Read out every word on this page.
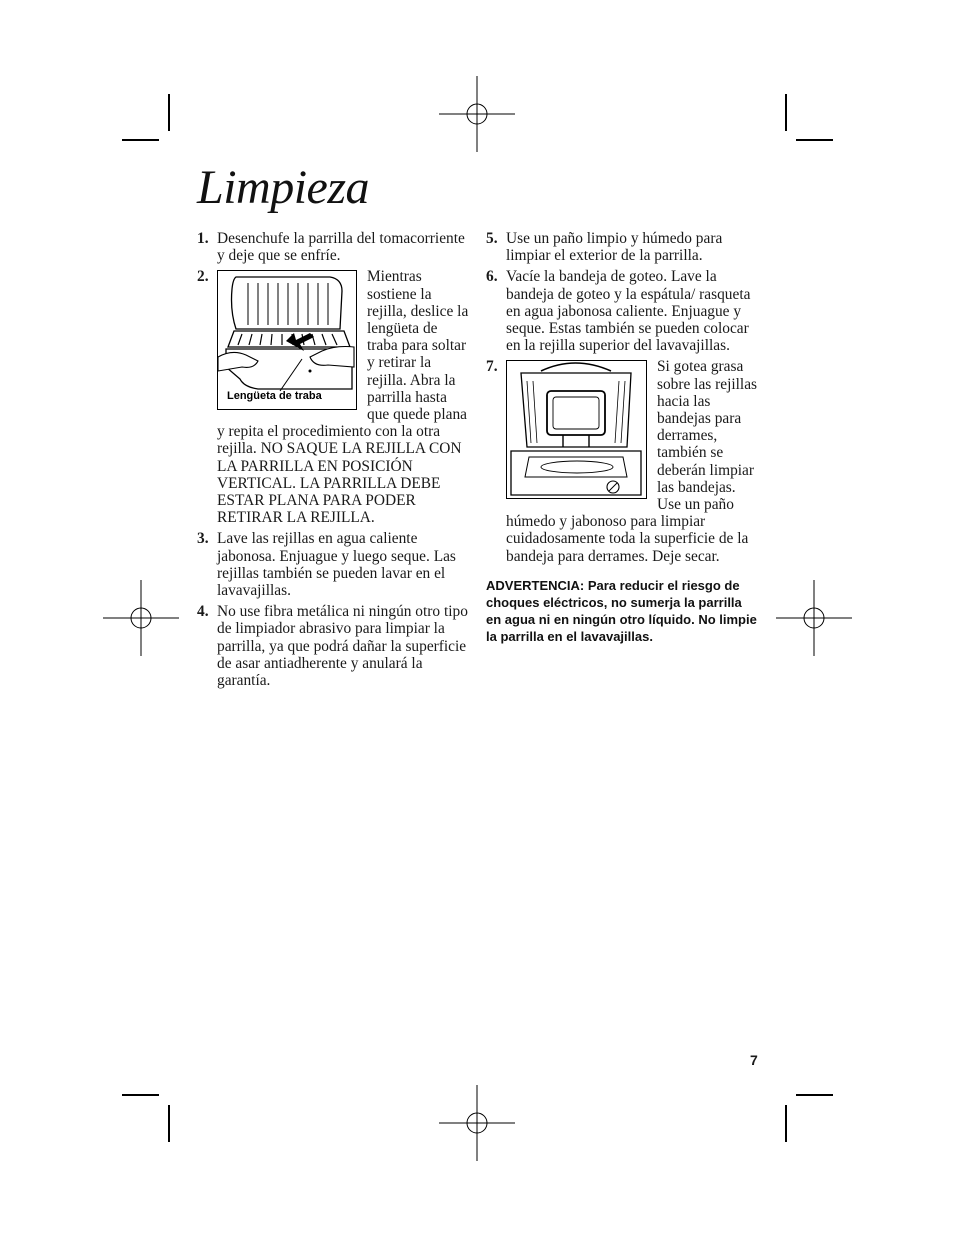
Limpieza
1. Desenchufe la parrilla del tomacorriente y deje que se enfríe.
2.
Lengüeta de traba
Mientras sostiene la rejilla, deslice la lengüeta de traba para soltar y retirar la rejilla. Abra la parrilla hasta que quede plana y repita el procedimiento con la otra rejilla. NO SAQUE LA REJILLA CON LA PARRILLA EN POSICIÓN VERTICAL. LA PARRILLA DEBE ESTAR PLANA PARA PODER RETIRAR LA REJILLA.
3. Lave las rejillas en agua caliente jabonosa. Enjuague y luego seque. Las rejillas también se pueden lavar en el lavavajillas.
4. No use fibra metálica ni ningún otro tipo de limpiador abrasivo para limpiar la parrilla, ya que podrá dañar la superficie de asar antiadherente y anulará la garantía.
5. Use un paño limpio y húmedo para limpiar el exterior de la parrilla.
6. Vacíe la bandeja de goteo. Lave la bandeja de goteo y la espátula/ rasqueta en agua jabonosa caliente. Enjuague y seque. Estas también se pueden colocar en la rejilla superior del lavavajillas.
7.	Si gotea grasa sobre las rejillas hacia las bandejas para derrames, también se deberán limpiar las bandejas. Use un paño húmedo y jabonoso para limpiar cuidadosamente toda la superficie de la bandeja para derrames. Deje secar.
ADVERTENCIA: Para reducir el riesgo de choques eléctricos, no sumerja la parrilla en agua ni en ningún otro líquido. No limpie la parrilla en el lavavajillas.
7
